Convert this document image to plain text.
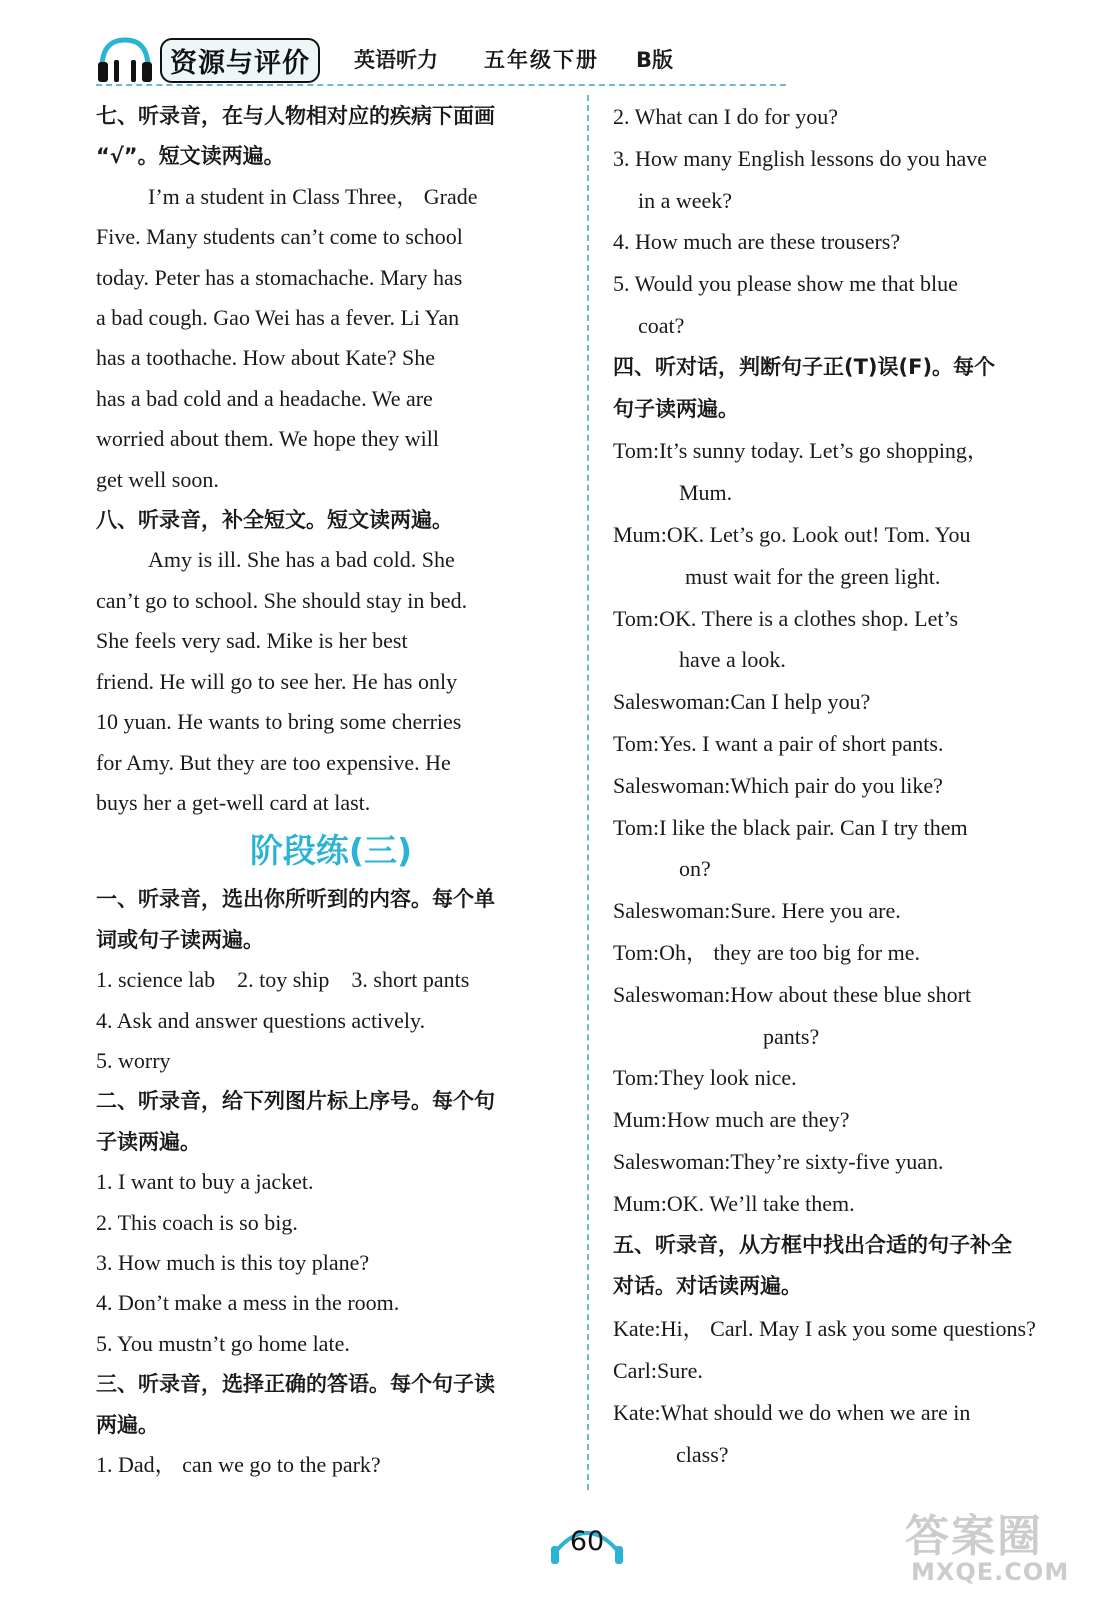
资源与评价	英语听力 五年级下册 B版
七、听录音，在与人物相对应的疾病下面画
“√”。短文读两遍。
I’m a student in Class Three， Grade
Five. Many students can’t come to school
today. Peter has a stomachache. Mary has
a bad cough. Gao Wei has a fever. Li Yan
has a toothache. How about Kate? She
has a bad cold and a headache. We are
worried about them. We hope they will
get well soon.
八、听录音，补全短文。短文读两遍。
Amy is ill. She has a bad cold. She
can’t go to school. She should stay in bed.
She feels very sad. Mike is her best
friend. He will go to see her. He has only
10 yuan. He wants to bring some cherries
for Amy. But they are too expensive. He
buys her a get-well card at last.
阶段练(三)
一、听录音，选出你所听到的内容。每个单
词或句子读两遍。
1. science lab 2. toy ship 3. short pants
4. Ask and answer questions actively.
5. worry
二、听录音，给下列图片标上序号。每个句
子读两遍。
1. I want to buy a jacket.
2. This coach is so big.
3. How much is this toy plane?
4. Don’t make a mess in the room.
5. You mustn’t go home late.
三、听录音，选择正确的答语。每个句子读
两遍。
1. Dad， can we go to the park?
2. What can I do for you?
3. How many English lessons do you have
in a week?
4. How much are these trousers?
5. Would you please show me that blue
coat?
四、听对话，判断句子正(T)误(F)。每个
句子读两遍。
Tom:It’s sunny today. Let’s go shopping，
Mum.
Mum:OK. Let’s go. Look out! Tom. You
must wait for the green light.
Tom:OK. There is a clothes shop. Let’s
have a look.
Saleswoman:Can I help you?
Tom:Yes. I want a pair of short pants.
Saleswoman:Which pair do you like?
Tom:I like the black pair. Can I try them
on?
Saleswoman:Sure. Here you are.
Tom:Oh， they are too big for me.
Saleswoman:How about these blue short
pants?
Tom:They look nice.
Mum:How much are they?
Saleswoman:They’re sixty-five yuan.
Mum:OK. We’ll take them.
五、听录音，从方框中找出合适的句子补全
对话。对话读两遍。
Kate:Hi， Carl. May I ask you some questions?
Carl:Sure.
Kate:What should we do when we are in
class?
60	答案圈
MXQE.COM
